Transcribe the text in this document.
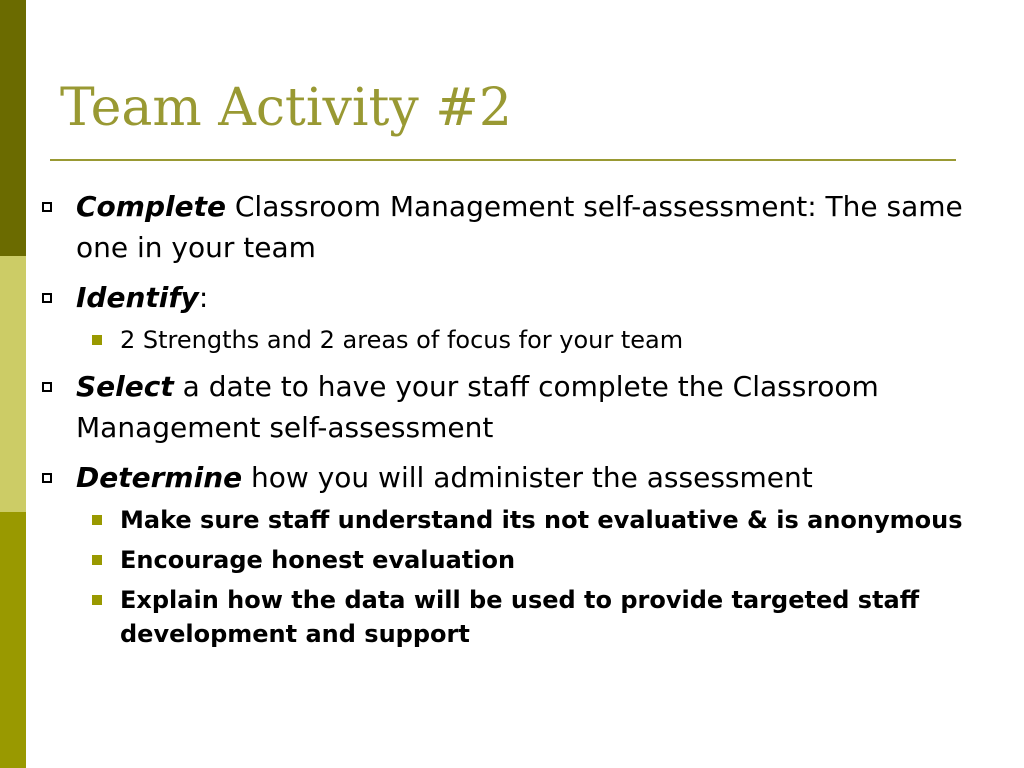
Team Activity #2
Complete Classroom Management self-assessment: The same one in your team
Identify:
2 Strengths and 2 areas of focus for your team
Select a date to have your staff complete the Classroom Management self-assessment
Determine how you will administer the assessment
Make sure staff understand its not evaluative & is anonymous
Encourage honest evaluation
Explain how the data will be used to provide targeted staff development and support
